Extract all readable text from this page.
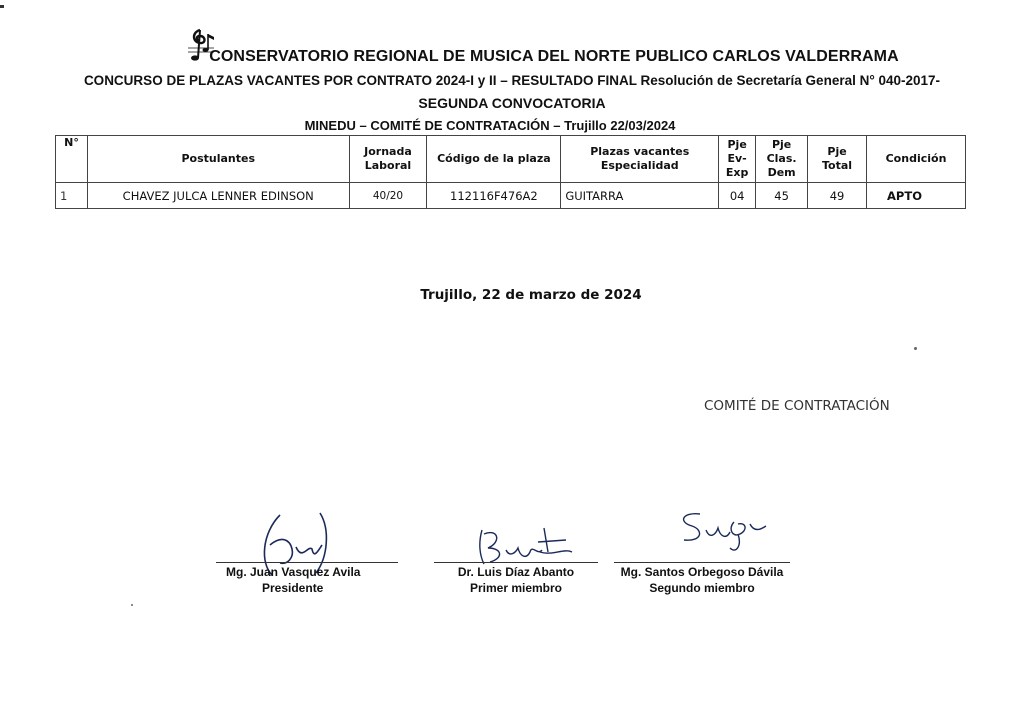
CONSERVATORIO REGIONAL DE MUSICA DEL NORTE PUBLICO CARLOS VALDERRAMA
CONCURSO DE PLAZAS VACANTES POR CONTRATO 2024-I y II – RESULTADO FINAL Resolución de Secretaría General N° 040-2017-
SEGUNDA CONVOCATORIA
MINEDU – COMITÉ DE CONTRATACIÓN – Trujillo 22/03/2024
N°	Postulantes	Jornada Laboral	Código de la plaza	Plazas vacantes Especialidad	Pje Ev- Exp	Pje Clas. Dem	Pje Total	Condición
1	CHAVEZ JULCA LENNER EDINSON	40/20	112116F476A2	GUITARRA	04	45	49	APTO
Trujillo, 22 de marzo de 2024
COMITÉ DE CONTRATACIÓN
Mg. Juan Vasquez Avila
Presidente
Dr. Luis Díaz Abanto
Primer miembro
Mg. Santos Orbegoso Dávila
Segundo miembro
